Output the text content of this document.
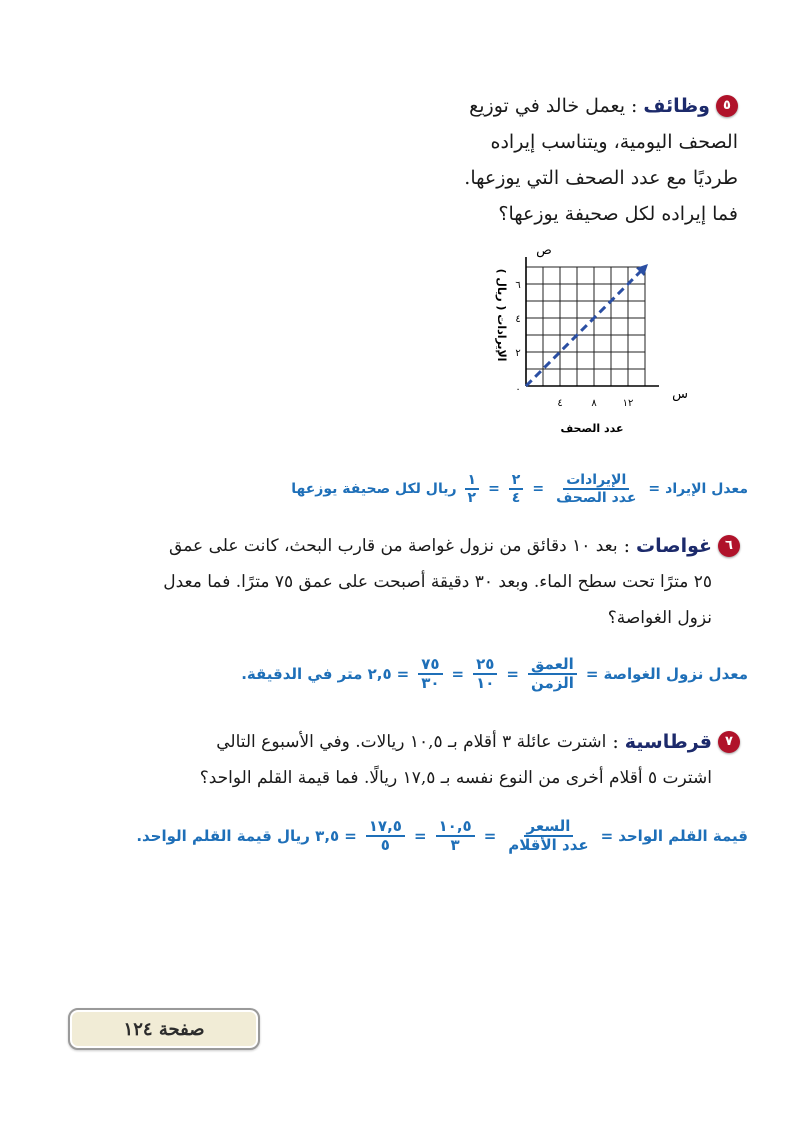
٥
وظائف
:
يعمل خالد في توزيع
الصحف اليومية، ويتناسب إيراده
طرديًا مع عدد الصحف التي يوزعها.
فما إيراده لكل صحيفة يوزعها؟
٢
٤
٦
٤	٨	١٢
٠
ص
س
الإيرادات ( ريال )
عدد الصحف
معدل الإيراد
=
$\frac{\text{الإيرادات}}{\text{عدد الصحف}}$
=
$\frac{٢}{٤}$
=
$\frac{١}{٢}$
ريال لكل صحيفة يوزعها
٦
غواصات
:
بعد ١٠ دقائق من نزول غواصة من قارب البحث، كانت على عمق
٢٥ مترًا تحت سطح الماء. وبعد ٣٠ دقيقة أصبحت على عمق ٧٥ مترًا. فما معدل
نزول الغواصة؟
معدل نزول الغواصة
=
$\frac{\text{العمق}}{\text{الزمن}}$
=
$\frac{٢٥}{١٠}$
=
$\frac{٧٥}{٣٠}$
=
٢,٥ متر في الدقيقة.
٧
قرطاسية
:
اشترت عائلة ٣ أقلام بـ ١٠,٥ ريالات. وفي الأسبوع التالي
اشترت ٥ أقلام أخرى من النوع نفسه بـ ١٧,٥ ريالًا. فما قيمة القلم الواحد؟
قيمة القلم الواحد
=
$\frac{\text{السعر}}{\text{عدد الأقلام}}$
=
$\frac{١٠,٥}{٣}$
=
$\frac{١٧,٥}{٥}$
=
٣,٥ ريال قيمة القلم الواحد.
صفحة ١٢٤
